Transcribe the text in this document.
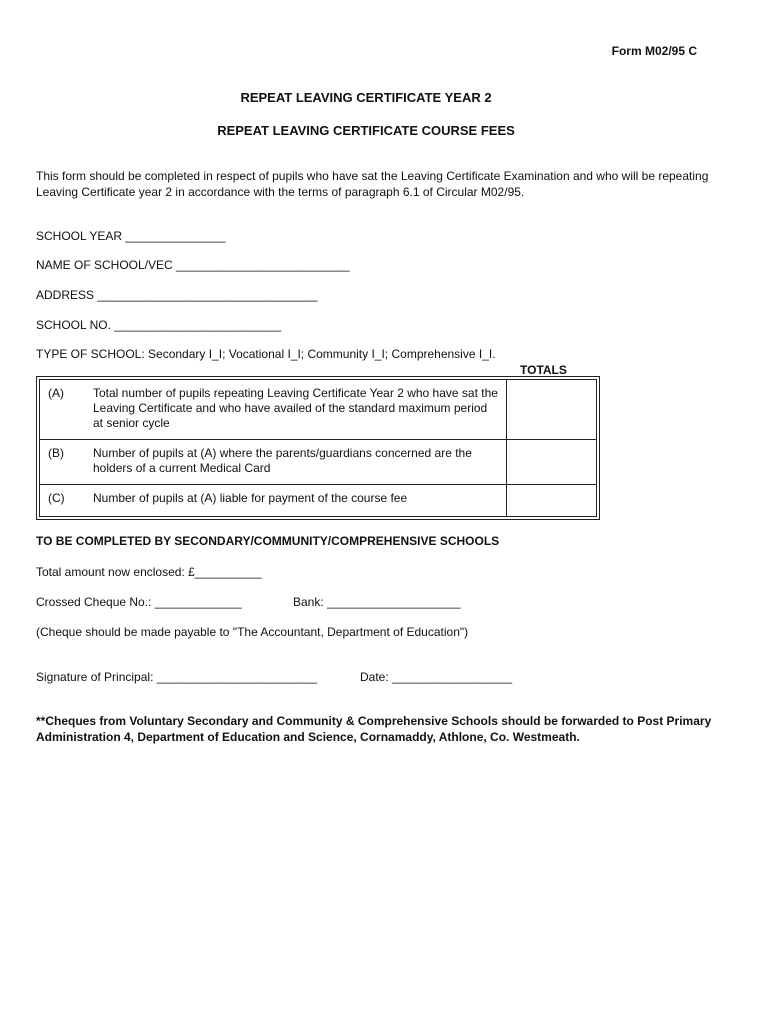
Form M02/95 C
REPEAT LEAVING CERTIFICATE YEAR 2
REPEAT LEAVING CERTIFICATE COURSE FEES
This form should be completed in respect of pupils who have sat the Leaving Certificate Examination and who will be repeating Leaving Certificate year 2 in accordance with the terms of paragraph 6.1 of Circular M02/95.
SCHOOL YEAR _______________
NAME OF SCHOOL/VEC __________________________
ADDRESS _________________________________
SCHOOL NO. _________________________
TYPE OF SCHOOL: Secondary I_I; Vocational I_I; Community I_I; Comprehensive I_I.
TOTALS
(A) Total number of pupils repeating Leaving Certificate Year 2 who have sat the Leaving Certificate and who have availed of the standard maximum period at senior cycle
(B) Number of pupils at (A) where the parents/guardians concerned are the holders of a current Medical Card
(C) Number of pupils at (A) liable for payment of the course fee
TO BE COMPLETED BY SECONDARY/COMMUNITY/COMPREHENSIVE SCHOOLS
Total amount now enclosed: £__________
Crossed Cheque No.: _____________	Bank: ____________________
(Cheque should be made payable to "The Accountant, Department of Education")
Signature of Principal: ________________________	Date: __________________
**Cheques from Voluntary Secondary and Community & Comprehensive Schools should be forwarded to Post Primary Administration 4, Department of Education and Science, Cornamaddy, Athlone, Co. Westmeath.
